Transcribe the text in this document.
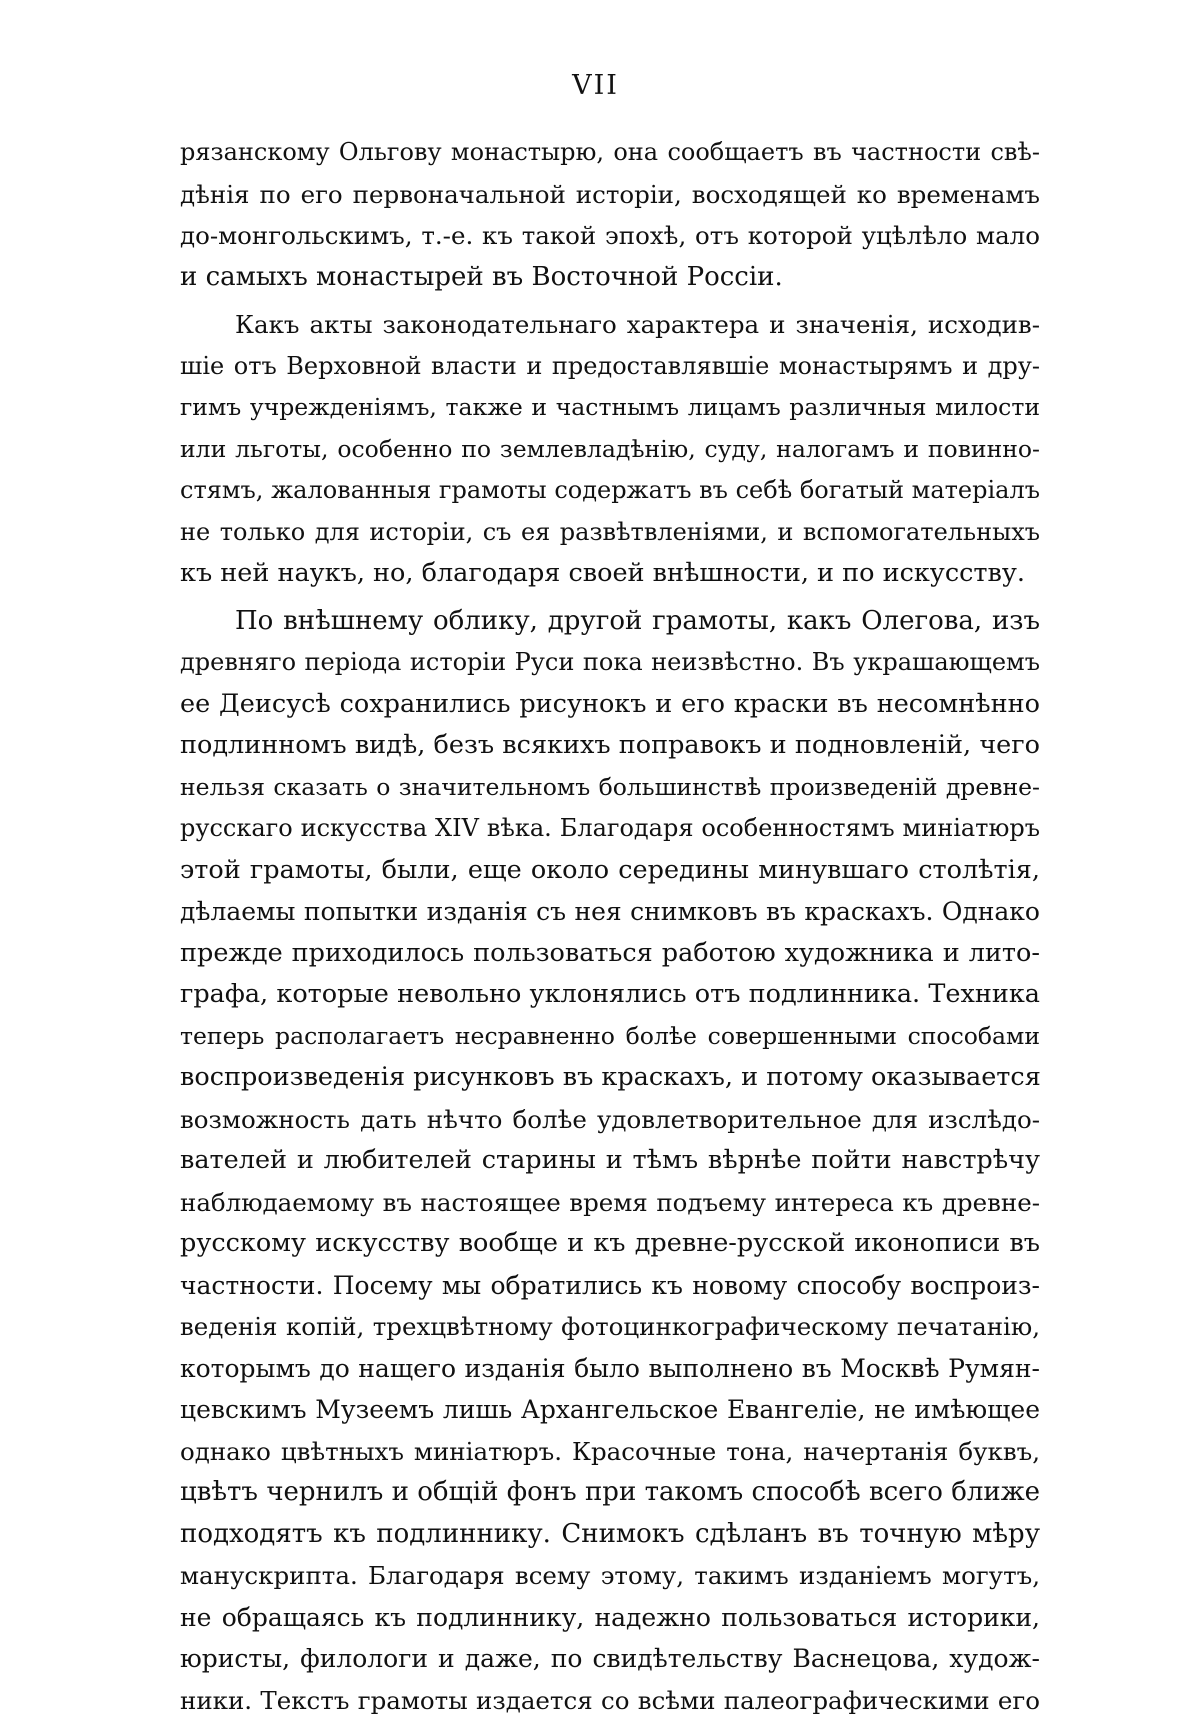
VII
рязанскому Ольгову монастырю, она сообщаетъ въ частности свѣ-
дѣнія по его первоначальной исторіи, восходящей ко временамъ
до-монгольскимъ, т.-е. къ такой эпохѣ, отъ которой уцѣлѣло мало
и самыхъ монастырей въ Восточной Россіи.
Какъ акты законодательнаго характера и значенія, исходив-
шіе отъ Верховной власти и предоставлявшіе монастырямъ и дру-
гимъ учрежденіямъ, также и частнымъ лицамъ различныя милости
или льготы, особенно по землевладѣнію, суду, налогамъ и повинно-
стямъ, жалованныя грамоты содержатъ въ себѣ богатый матеріалъ
не только для исторіи, съ ея развѣтвленіями, и вспомогательныхъ
къ ней наукъ, но, благодаря своей внѣшности, и по искусству.
По внѣшнему облику, другой грамоты, какъ Олегова, изъ
древняго періода исторіи Руси пока неизвѣстно. Въ украшающемъ
ее Деисусѣ сохранились рисунокъ и его краски въ несомнѣнно
подлинномъ видѣ, безъ всякихъ поправокъ и подновленій, чего
нельзя сказать о значительномъ большинствѣ произведеній древне-
русскаго искусства XIV вѣка. Благодаря особенностямъ миніатюръ
этой грамоты, были, еще около середины минувшаго столѣтія,
дѣлаемы попытки изданія съ нея снимковъ въ краскахъ. Однако
прежде приходилось пользоваться работою художника и лито-
графа, которые невольно уклонялись отъ подлинника. Техника
теперь располагаетъ несравненно болѣе совершенными способами
воспроизведенія рисунковъ въ краскахъ, и потому оказывается
возможность дать нѣчто болѣе удовлетворительное для изслѣдо-
вателей и любителей старины и тѣмъ вѣрнѣе пойти навстрѣчу
наблюдаемому въ настоящее время подъему интереса къ древне-
русскому искусству вообще и къ древне-русской иконописи въ
частности. Посему мы обратились къ новому способу воспроиз-
веденія копій, трехцвѣтному фотоцинкографическому печатанію,
которымъ до нащего изданія было выполнено въ Москвѣ Румян-
цевскимъ Музеемъ лишь Архангельское Евангеліе, не имѣющее
однако цвѣтныхъ миніатюръ. Красочные тона, начертанія буквъ,
цвѣтъ чернилъ и общій фонъ при такомъ способѣ всего ближе
подходятъ къ подлиннику. Снимокъ сдѣланъ въ точную мѣру
манускрипта. Благодаря всему этому, такимъ изданіемъ могутъ,
не обращаясь къ подлиннику, надежно пользоваться историки,
юристы, филологи и даже, по свидѣтельству Васнецова, худож-
ники. Текстъ грамоты издается со всѣми палеографическими его
